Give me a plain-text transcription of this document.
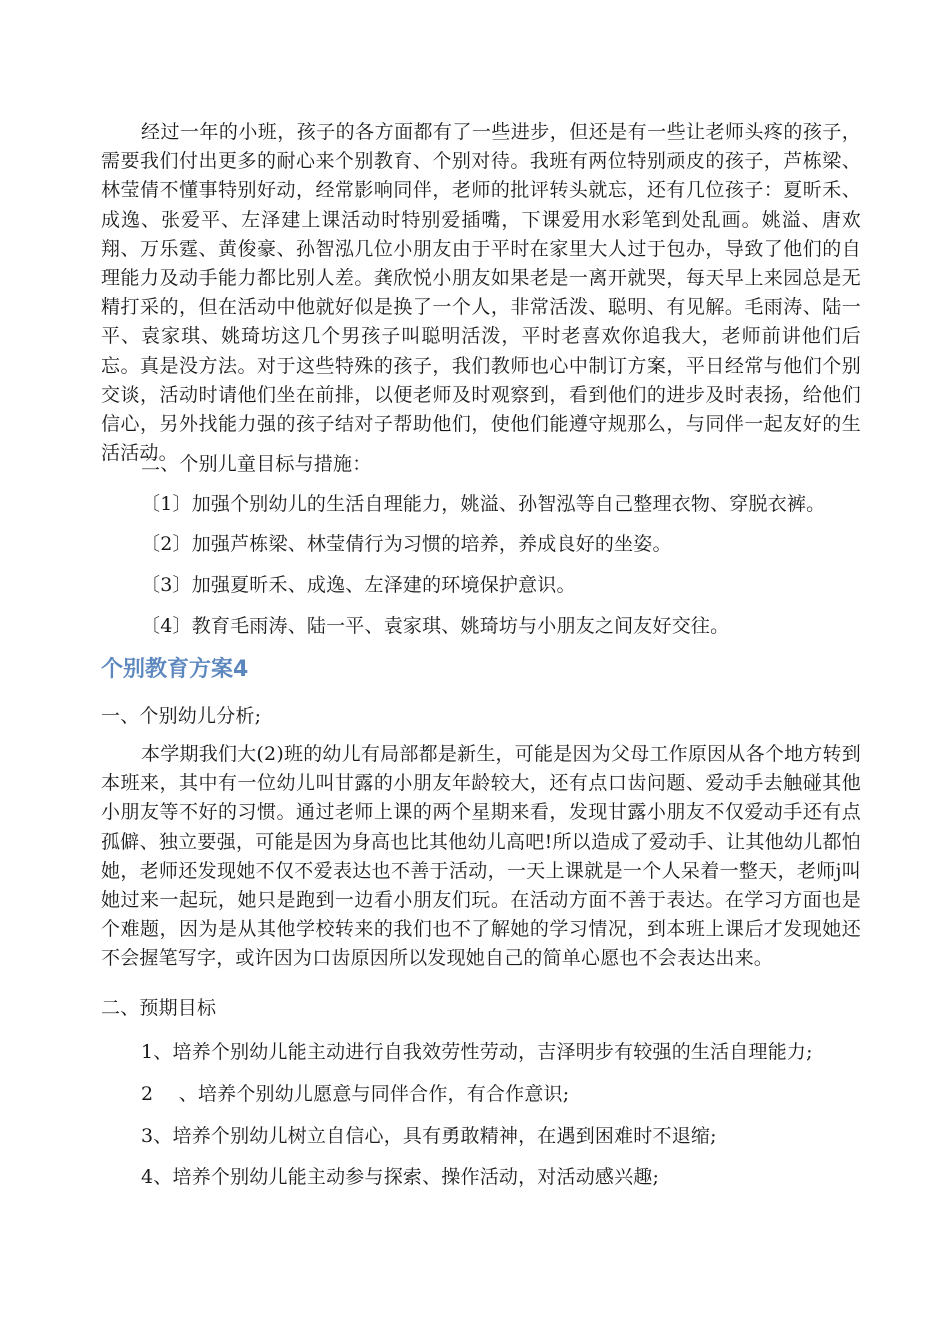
经过一年的小班，孩子的各方面都有了一些进步，但还是有一些让老师头疼的孩子，需要我们付出更多的耐心来个别教育、个别对待。我班有两位特别顽皮的孩子，芦栋梁、林莹倩不懂事特别好动，经常影响同伴，老师的批评转头就忘，还有几位孩子：夏昕禾、成逸、张爱平、左泽建上课活动时特别爱插嘴，下课爱用水彩笔到处乱画。姚溢、唐欢翔、万乐霆、黄俊豪、孙智泓几位小朋友由于平时在家里大人过于包办，导致了他们的自理能力及动手能力都比别人差。龚欣悦小朋友如果老是一离开就哭，每天早上来园总是无精打采的，但在活动中他就好似是换了一个人，非常活泼、聪明、有见解。毛雨涛、陆一平、袁家琪、姚琦坊这几个男孩子叫聪明活泼，平时老喜欢你追我大，老师前讲他们后忘。真是没方法。对于这些特殊的孩子，我们教师也心中制订方案，平日经常与他们个别交谈，活动时请他们坐在前排，以便老师及时观察到，看到他们的进步及时表扬，给他们信心，另外找能力强的孩子结对子帮助他们，使他们能遵守规那么，与同伴一起友好的生活活动。

二、个别儿童目标与措施：

〔1〕加强个别幼儿的生活自理能力，姚溢、孙智泓等自己整理衣物、穿脱衣裤。

〔2〕加强芦栋梁、林莹倩行为习惯的培养，养成良好的坐姿。

〔3〕加强夏昕禾、成逸、左泽建的环境保护意识。

〔4〕教育毛雨涛、陆一平、袁家琪、姚琦坊与小朋友之间友好交往。

个别教育方案4

一、个别幼儿分析;

本学期我们大(2)班的幼儿有局部都是新生，可能是因为父母工作原因从各个地方转到本班来，其中有一位幼儿叫甘露的小朋友年龄较大，还有点口齿问题、爱动手去触碰其他小朋友等不好的习惯。通过老师上课的两个星期来看，发现甘露小朋友不仅爱动手还有点孤僻、独立要强，可能是因为身高也比其他幼儿高吧!所以造成了爱动手、让其他幼儿都怕她，老师还发现她不仅不爱表达也不善于活动，一天上课就是一个人呆着一整天，老师j叫她过来一起玩，她只是跑到一边看小朋友们玩。在活动方面不善于表达。在学习方面也是个难题，因为是从其他学校转来的我们也不了解她的学习情况，到本班上课后才发现她还不会握笔写字，或许因为口齿原因所以发现她自己的简单心愿也不会表达出来。

二、预期目标

1、培养个别幼儿能主动进行自我效劳性劳动，吉泽明步有较强的生活自理能力;

2　 、培养个别幼儿愿意与同伴合作，有合作意识;

3、培养个别幼儿树立自信心，具有勇敢精神，在遇到困难时不退缩;

4、培养个别幼儿能主动参与探索、操作活动，对活动感兴趣;
